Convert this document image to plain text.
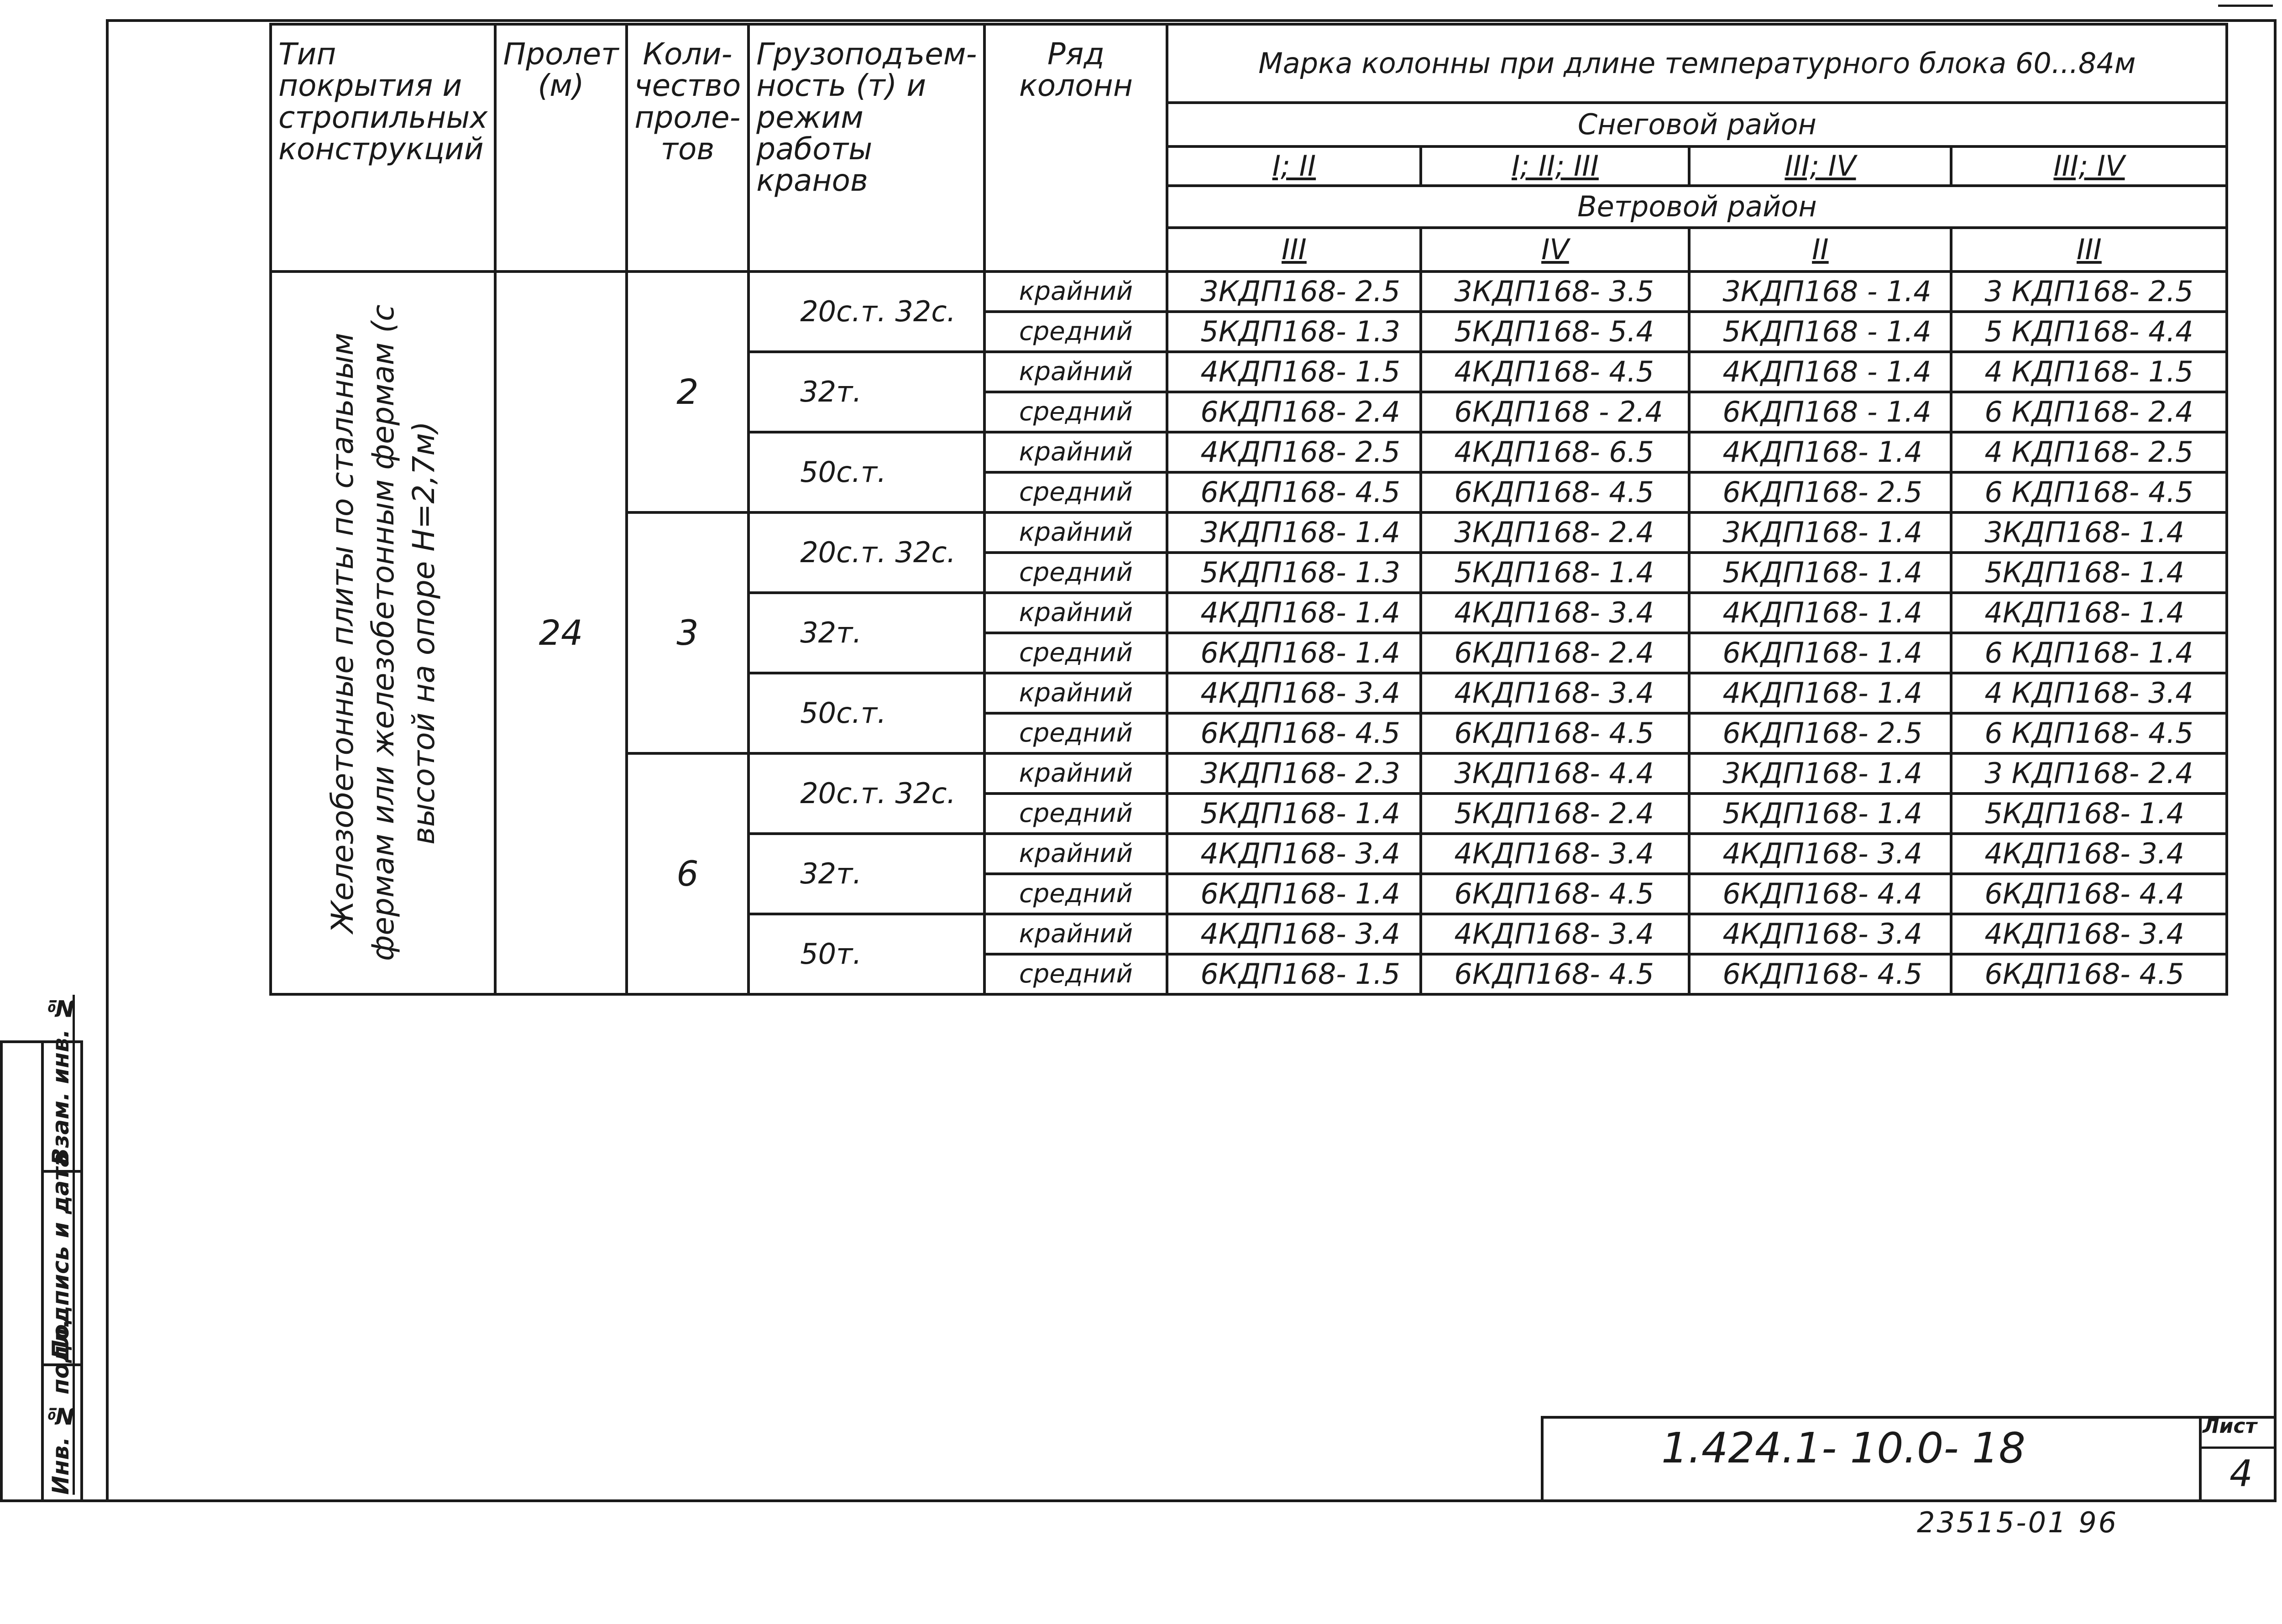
Взам. инв. №
Подпись и дата
Инв. № подл.
Тип покрытия и стропильных конструкций	Пролет (м)	Коли- чество проле- тов	Грузоподъем- ность (т) и режим работы кранов	Ряд колонн	Марка колонны при длине температурного блока 60...84м			
					Снеговой район			
					I; II	I; II; III	III; IV	III; IV
					Ветровой район			
					III	IV	II	III

Железобетонные плиты по стальным фермам или железобетонным фермам (с высотой на опоре Н=2,7м)	24	2	20с.т. 32с.	крайний	3КДП168- 2.5	3КДП168- 3.5	3КДП168 - 1.4	3 КДП168- 2.5
				средний	5КДП168- 1.3	5КДП168- 5.4	5КДП168 - 1.4	5 КДП168- 4.4
			32т.	крайний	4КДП168- 1.5	4КДП168- 4.5	4КДП168 - 1.4	4 КДП168- 1.5
				средний	6КДП168- 2.4	6КДП168 - 2.4	6КДП168 - 1.4	6 КДП168- 2.4
			50с.т.	крайний	4КДП168- 2.5	4КДП168- 6.5	4КДП168- 1.4	4 КДП168- 2.5
				средний	6КДП168- 4.5	6КДП168- 4.5	6КДП168- 2.5	6 КДП168- 4.5
		3	20с.т. 32с.	крайний	3КДП168- 1.4	3КДП168- 2.4	3КДП168- 1.4	3КДП168- 1.4
				средний	5КДП168- 1.3	5КДП168- 1.4	5КДП168- 1.4	5КДП168- 1.4
			32т.	крайний	4КДП168- 1.4	4КДП168- 3.4	4КДП168- 1.4	4КДП168- 1.4
				средний	6КДП168- 1.4	6КДП168- 2.4	6КДП168- 1.4	6 КДП168- 1.4
			50с.т.	крайний	4КДП168- 3.4	4КДП168- 3.4	4КДП168- 1.4	4 КДП168- 3.4
				средний	6КДП168- 4.5	6КДП168- 4.5	6КДП168- 2.5	6 КДП168- 4.5
		6	20с.т. 32с.	крайний	3КДП168- 2.3	3КДП168- 4.4	3КДП168- 1.4	3 КДП168- 2.4
				средний	5КДП168- 1.4	5КДП168- 2.4	5КДП168- 1.4	5КДП168- 1.4
			32т.	крайний	4КДП168- 3.4	4КДП168- 3.4	4КДП168- 3.4	4КДП168- 3.4
				средний	6КДП168- 1.4	6КДП168- 4.5	6КДП168- 4.4	6КДП168- 4.4
			50т.	крайний	4КДП168- 3.4	4КДП168- 3.4	4КДП168- 3.4	4КДП168- 3.4
				средний	6КДП168- 1.5	6КДП168- 4.5	6КДП168- 4.5	6КДП168- 4.5
1.424.1- 10.0- 18	Лист
4
23515-01 96
